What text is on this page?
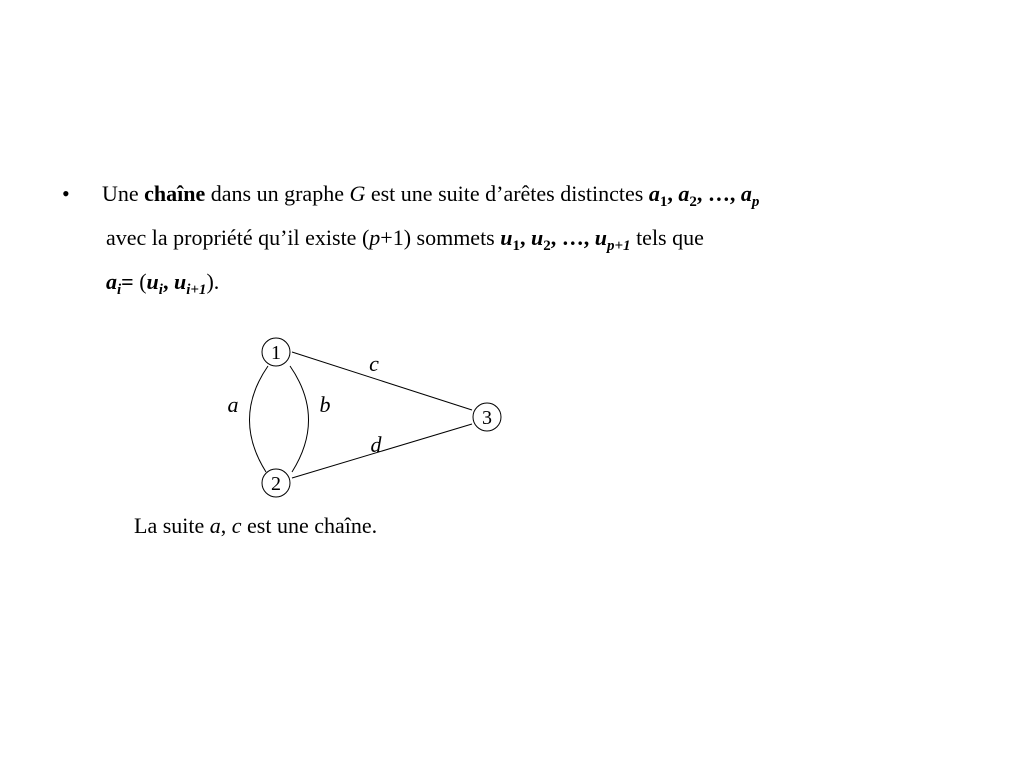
• Une chaîne dans un graphe G est une suite d’arêtes distinctes $a_1$, $a_2$, …, $a_p$
avec la propriété qu’il existe (p+1) sommets $u_1$, $u_2$, …, $u_{p+1}$ tels que
$a_i= (u_i$, $u_{i+1}$).
1
2
3
a	b
c
d
La suite a, c est une chaîne.
